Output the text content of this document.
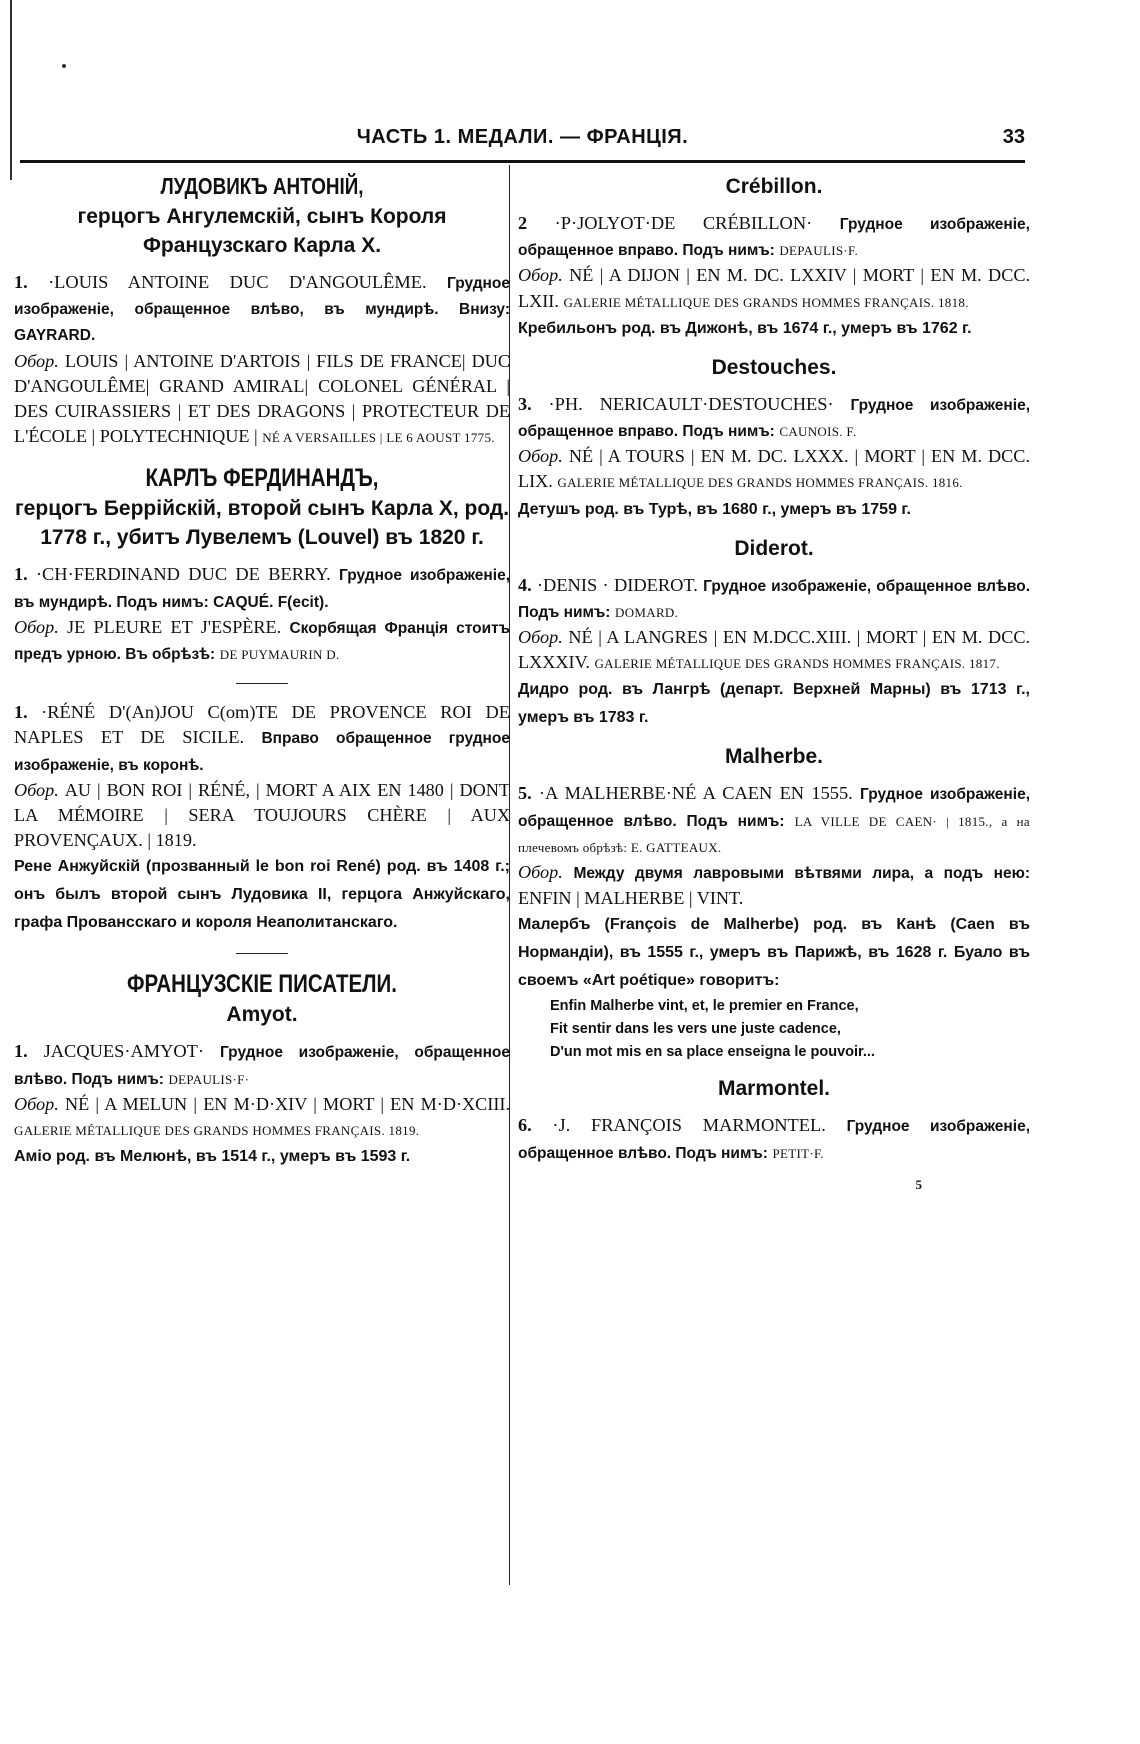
ЧАСТЬ 1. МЕДАЛИ. — ФРАНЦІЯ.	33
ЛУДОВИКЪ АНТОНІЙ,
герцогъ Ангулемскій, сынъ Короля Французскаго Карла X.

1. ·LOUIS ANTOINE DUC D'ANGOULÊME. Грудное изображеніе, обращенное влѣво, въ мундирѣ. Внизу: GAYRARD.

Обор. LOUIS | ANTOINE D'ARTOIS | FILS DE FRANCE| DUC D'ANGOULÊME| GRAND AMIRAL| COLONEL GÉNÉRAL | DES CUIRASSIERS | ET DES DRAGONS | PROTECTEUR DE L'ÉCOLE | POLYTECHNIQUE | NÉ A VERSAILLES | LE 6 AOUST 1775.

КАРЛЪ ФЕРДИНАНДЪ,
герцогъ Беррійскій, второй сынъ Карла X, род. 1778 г., убитъ Лувелемъ (Louvel) въ 1820 г.

1. ·CH·FERDINAND DUC DE BERRY. Грудное изображеніе, въ мундирѣ. Подъ нимъ: CAQUÉ. F(ecit).

Обор. JE PLEURE ET J'ESPÈRE. Скорбящая Франція стоитъ предъ урною. Въ обрѣзѣ: DE PUYMAURIN D.

1. ·RÉNÉ D'(An)JOU C(om)TE DE PROVENCE ROI DE NAPLES ET DE SICILE. Вправо обращенное грудное изображеніе, въ коронѣ.

Обор. AU | BON ROI | RÉNÉ, | MORT A AIX EN 1480 | DONT LA MÉMOIRE | SERA TOUJOURS CHÈRE | AUX PROVENÇAUX. | 1819.

Рене Анжуйскій (прозванный le bon roi René) род. въ 1408 г.; онъ былъ второй сынъ Лудовика II, герцога Анжуйскаго, графа Провансскаго и короля Неаполитанскаго.

ФРАНЦУЗСКІЕ ПИСАТЕЛИ.
Amyot.

1. JACQUES·AMYOT· Грудное изображеніе, обращенное влѣво. Подъ нимъ: DEPAULIS·F·

Обор. NÉ | A MELUN | EN M·D·XIV | MORT | EN M·D·XCIII. GALERIE MÉTALLIQUE DES GRANDS HOMMES FRANÇAIS. 1819.

Амio род. въ Мелюнѣ, въ 1514 г., умеръ въ 1593 г.

Crébillon.

2 ·P·JOLYOT·DE CRÉBILLON· Грудное изображеніе, обращенное вправо. Подъ нимъ: DEPAULIS·F.

Обор. NÉ | A DIJON | EN M. DC. LXXIV | MORT | EN M. DCC. LXII. GALERIE MÉTALLIQUE DES GRANDS HOMMES FRANÇAIS. 1818.

Кребильонъ род. въ Дижонѣ, въ 1674 г., умеръ въ 1762 г.

Destouches.

3. ·PH. NERICAULT·DESTOUCHES· Грудное изображеніе, обращенное вправо. Подъ нимъ: CAUNOIS. F.

Обор. NÉ | A TOURS | EN M. DC. LXXX. | MORT | EN M. DCC. LIX. GALERIE MÉTALLIQUE DES GRANDS HOMMES FRANÇAIS. 1816.

Детушъ род. въ Турѣ, въ 1680 г., умеръ въ 1759 г.

Diderot.

4. ·DENIS · DIDEROT. Грудное изображеніе, обращенное влѣво. Подъ нимъ: DOMARD.

Обор. NÉ | A LANGRES | EN M.DCC.XIII. | MORT | EN M. DCC. LXXXIV. GALERIE MÉTALLIQUE DES GRANDS HOMMES FRANÇAIS. 1817.

Дидро род. въ Лангрѣ (департ. Верхней Марны) въ 1713 г., умеръ въ 1783 г.

Malherbe.

5. ·A MALHERBE·NÉ A CAEN EN 1555. Грудное изображеніе, обращенное влѣво. Подъ нимъ: LA VILLE DE CAEN· | 1815., а на плечевомъ обрѣзѣ: E. GATTEAUX.

Обор. Между двумя лавровыми вѣтвями лира, а подъ нею: ENFIN | MALHERBE | VINT.

Малербъ (François de Malherbe) род. въ Канѣ (Caen въ Нормандіи), въ 1555 г., умеръ въ Парижѣ, въ 1628 г. Буало въ своемъ «Art poétique» говоритъ:

Enfin Malherbe vint, et, le premier en France,
Fit sentir dans les vers une juste cadence,
D'un mot mis en sa place enseigna le pouvoir...
Marmontel.

6. ·J. FRANÇOIS MARMONTEL. Грудное изображеніе, обращенное влѣво. Подъ нимъ: PETIT·F.

5
